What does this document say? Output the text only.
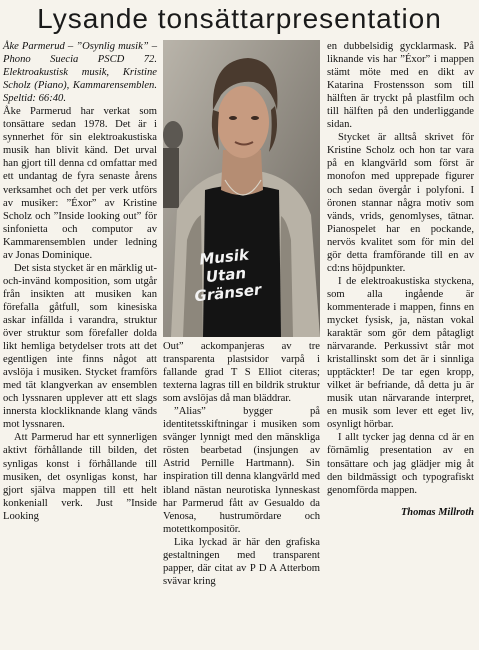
Lysande tonsättarpresentation

Åke Parmerud – ”Osynlig musik” – Phono Suecia PSCD 72. Elektroakustisk musik, Kristine Scholz (Piano), Kammarensemblen. Speltid: 66:40.

Åke Parmerud har verkat som tonsättare sedan 1978. Det är i synnerhet för sin elektroakustiska musik han blivit känd. Det urval han gjort till denna cd omfattar med ett undantag de fyra senaste årens verksamhet och det per verk utförs av musiker: ”Éxor” av Kristine Scholz och ”Inside looking out” för sinfonietta och computor av Kammarensemblen under ledning av Jonas Dominique.

Det sista stycket är en märklig ut-och-invänd komposition, som utgår från insikten att musiken kan förefalla gåtfull, som kinesiska askar infällda i varandra, struktur över struktur som förefaller dolda likt hemliga betydelser trots att det egentligen inte finns något att avslöja i musiken. Stycket framförs med tät klangverkan av ensemblen och lyssnaren upplever att ett slags innersta klockliknande klang vänds mot lyssnaren.

Att Parmerud har ett synnerligen aktivt förhållande till bilden, det synligas konst i förhållande till musiken, det osynligas konst, har gjort själva mappen till ett helt konkeniall verk. Just ”Inside Looking

Musik Utan Gränser

Out” ackompanjeras av tre transparenta plastsidor varpå i fallande grad T S Elliot citeras; texterna lagras till en bildrik struktur som avslöjas då man bläddrar.

”Alias” bygger på identitetsskiftningar i musiken som svänger lynnigt med den mänskliga rösten bearbetad (insjungen av Astrid Pernille Hartmann). Sin inspiration till denna klangvärld med ibland nästan neurotiska lynneskast har Parmerud fått av Gesualdo da Venosa, hustrumördare och motettkompositör.

Lika lyckad är här den grafiska gestaltningen med transparent papper, där citat av P D A Atterbom svävar kring

en dubbelsidig gycklarmask. På liknande vis har ”Éxor” i mappen stämt möte med en dikt av Katarina Frostensson som till hälften är tryckt på plastfilm och till hälften på den underliggande sidan.

Stycket är alltså skrivet för Kristine Scholz och hon tar vara på en klangvärld som först är monofon med upprepade figurer och sedan övergår i polyfoni. I öronen stannar några motiv som vänds, vrids, genomlyses, tätnar. Pianospelet har en pockande, nervös kvalitet som för min del gör detta framförande till en av cd:ns höjdpunkter.

I de elektroakustiska styckena, som alla ingående är kommenterade i mappen, finns en mycket fysisk, ja, nästan vokal karaktär som gör dem påtagligt närvarande. Perkussivt står mot kristallinskt som det är i sinnliga upptäckter! De tar egen kropp, vilket är befriande, då detta ju är musik utan närvarande interpret, en musik som lever ett eget liv, osynligt hörbar.

I allt tycker jag denna cd är en förnämlig presentation av en tonsättare och jag glädjer mig åt den bildmässigt och typografiskt genomförda mappen.

Thomas Millroth
